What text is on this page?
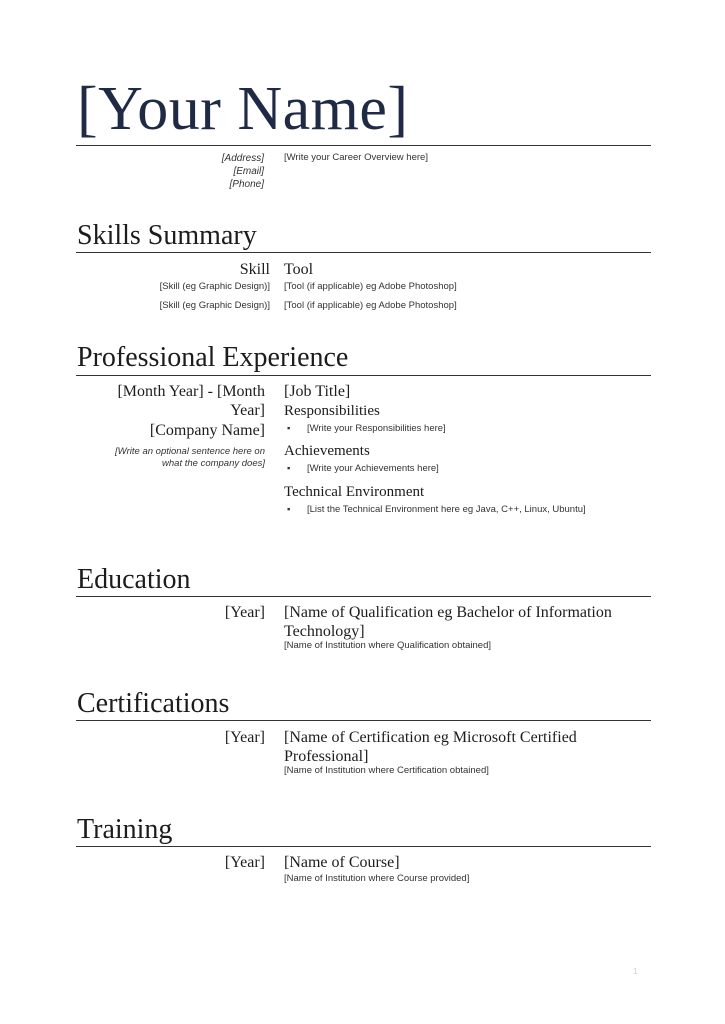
[Your Name]
[Address]
[Email]
[Phone]
[Write your Career Overview here]
Skills Summary
Skill Tool
[Skill (eg Graphic Design)] [Tool (if applicable) eg Adobe Photoshop]
[Skill (eg Graphic Design)] [Tool (if applicable) eg Adobe Photoshop]
Professional Experience
[Month Year] - [Month
Year]
[Company Name]
[Write an optional sentence here on
what the company does]
[Job Title]
Responsibilities
▪ [Write your Responsibilities here]
Achievements
▪ [Write your Achievements here]
Technical Environment
▪ [List the Technical Environment here eg Java, C++, Linux, Ubuntu]
Education
[Year] [Name of Qualification eg Bachelor of Information
Technology]
[Name of Institution where Qualification obtained]
Certifications
[Year] [Name of Certification eg Microsoft Certified
Professional]
[Name of Institution where Certification obtained]
Training
[Year] [Name of Course]
[Name of Institution where Course provided]
1
